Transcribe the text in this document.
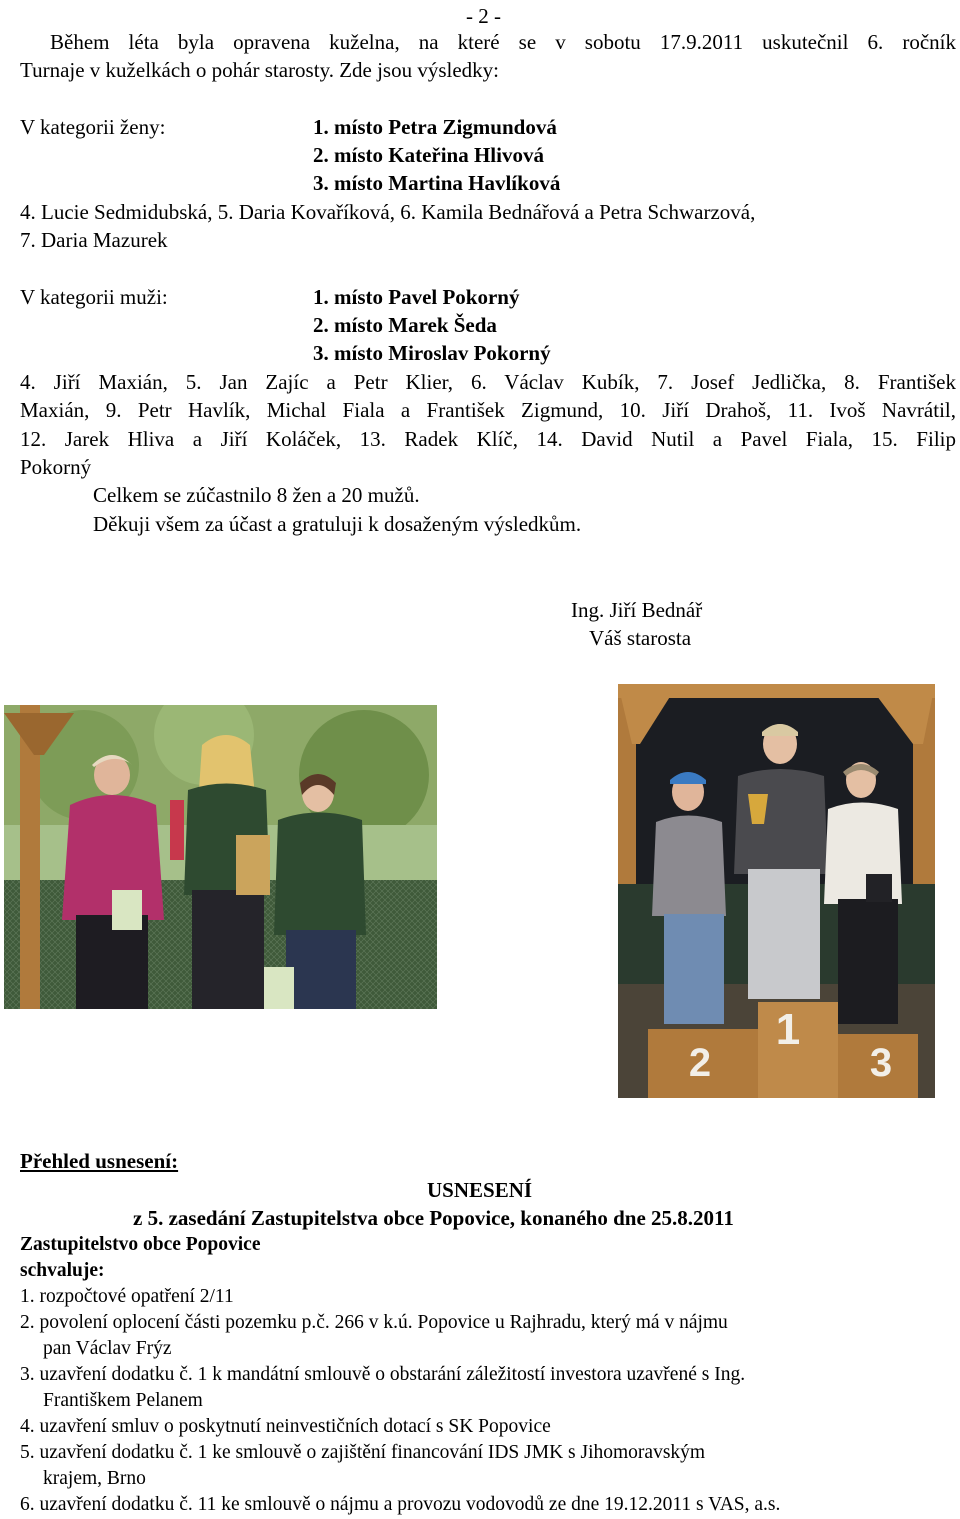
- 2 -
Během léta byla opravena kuželna, na které se v sobotu 17.9.2011 uskutečnil 6. ročník
Turnaje v kuželkách o pohár starosty. Zde jsou výsledky:
V kategorii ženy:	1. místo Petra Zigmundová
2. místo Kateřina Hlivová
3. místo Martina Havlíková
4. Lucie Sedmidubská, 5. Daria Kovaříková, 6. Kamila Bednářová a Petra Schwarzová,
7. Daria Mazurek
V kategorii muži:	1. místo Pavel Pokorný
2. místo Marek Šeda
3. místo Miroslav Pokorný
4. Jiří Maxián, 5. Jan Zajíc a Petr Klier, 6. Václav Kubík, 7. Josef Jedlička, 8. František
Maxián, 9. Petr Havlík, Michal Fiala a František Zigmund, 10. Jiří Drahoš, 11. Ivoš Navrátil,
12. Jarek Hliva a Jiří Koláček, 13. Radek Klíč, 14. David Nutil a Pavel Fiala, 15. Filip
Pokorný
Celkem se zúčastnilo 8 žen a 20 mužů.
Děkuji všem za účast a gratuluji k dosaženým výsledkům.
Ing. Jiří Bednář
Váš starosta
2
1
3
Přehled usnesení:
USNESENÍ
z 5. zasedání Zastupitelstva obce Popovice, konaného dne 25.8.2011
Zastupitelstvo obce Popovice
schvaluje:
1. rozpočtové opatření 2/11
2. povolení oplocení části pozemku p.č. 266 v k.ú. Popovice u Rajhradu, který má v nájmu
pan Václav Frýz
3. uzavření dodatku č. 1 k mandátní smlouvě o obstarání záležitostí investora uzavřené s Ing.
Františkem Pelanem
4. uzavření smluv o poskytnutí neinvestičních dotací s SK Popovice
5. uzavření dodatku č. 1 ke smlouvě o zajištění financování IDS JMK s Jihomoravským
krajem, Brno
6. uzavření dodatku č. 11 ke smlouvě o nájmu a provozu vodovodů ze dne 19.12.2011 s VAS, a.s.
